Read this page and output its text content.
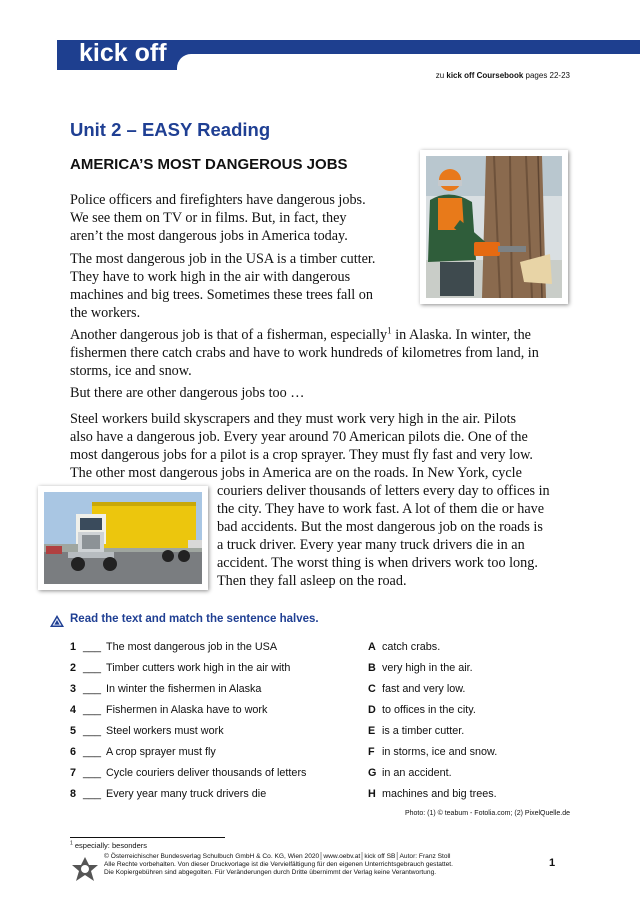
kick off
zu kick off Coursebook pages 22-23
Unit 2 – EASY Reading
AMERICA’S MOST DANGEROUS JOBS
Police officers and firefighters have dangerous jobs.
We see them on TV or in films. But, in fact, they
aren’t the most dangerous jobs in America today.
The most dangerous job in the USA is a timber cutter.
They have to work high in the air with dangerous
machines and big trees. Sometimes these trees fall on
the workers.
Another dangerous job is that of a fisherman, especially$^1$ in Alaska. In winter, the
fishermen there catch crabs and have to work hundreds of kilometres from land, in
storms, ice and snow.
But there are other dangerous jobs too …
Steel workers build skyscrapers and they must work very high in the air. Pilots
also have a dangerous job. Every year around 70 American pilots die. One of the
most dangerous jobs for a pilot is a crop sprayer. They must fly fast and very low.
The other most dangerous jobs in America are on the roads. In New York, cycle
couriers deliver thousands of letters every day to offices in
the city. They have to work fast. A lot of them die or have
bad accidents. But the most dangerous job on the roads is
a truck driver. Every year many truck drivers die in an
accident. The worst thing is when drivers work too long.
Then they fall asleep on the road.
Read the text and match the sentence halves.
1 ___ The most dangerous job in the USA	A catch crabs.
2 ___ Timber cutters work high in the air with	B very high in the air.
3 ___ In winter the fishermen in Alaska	C fast and very low.
4 ___ Fishermen in Alaska have to work	D to offices in the city.
5 ___ Steel workers must work	E is a timber cutter.
6 ___ A crop sprayer must fly	F in storms, ice and snow.
7 ___ Cycle couriers deliver thousands of letters	G in an accident.
8 ___ Every year many truck drivers die	H machines and big trees.
Photo: (1) © teabum - Fotolia.com; (2) PixelQuelle.de
$^1$ especially: besonders
© Österreichischer Bundesverlag Schulbuch GmbH & Co. KG, Wien 2020│www.oebv.at│kick off SB│Autor: Franz Stoll
Alle Rechte vorbehalten. Von dieser Druckvorlage ist die Vervielfältigung für den eigenen Unterrichtsgebrauch gestattet.
Die Kopiergebühren sind abgegolten. Für Veränderungen durch Dritte übernimmt der Verlag keine Verantwortung.
1
